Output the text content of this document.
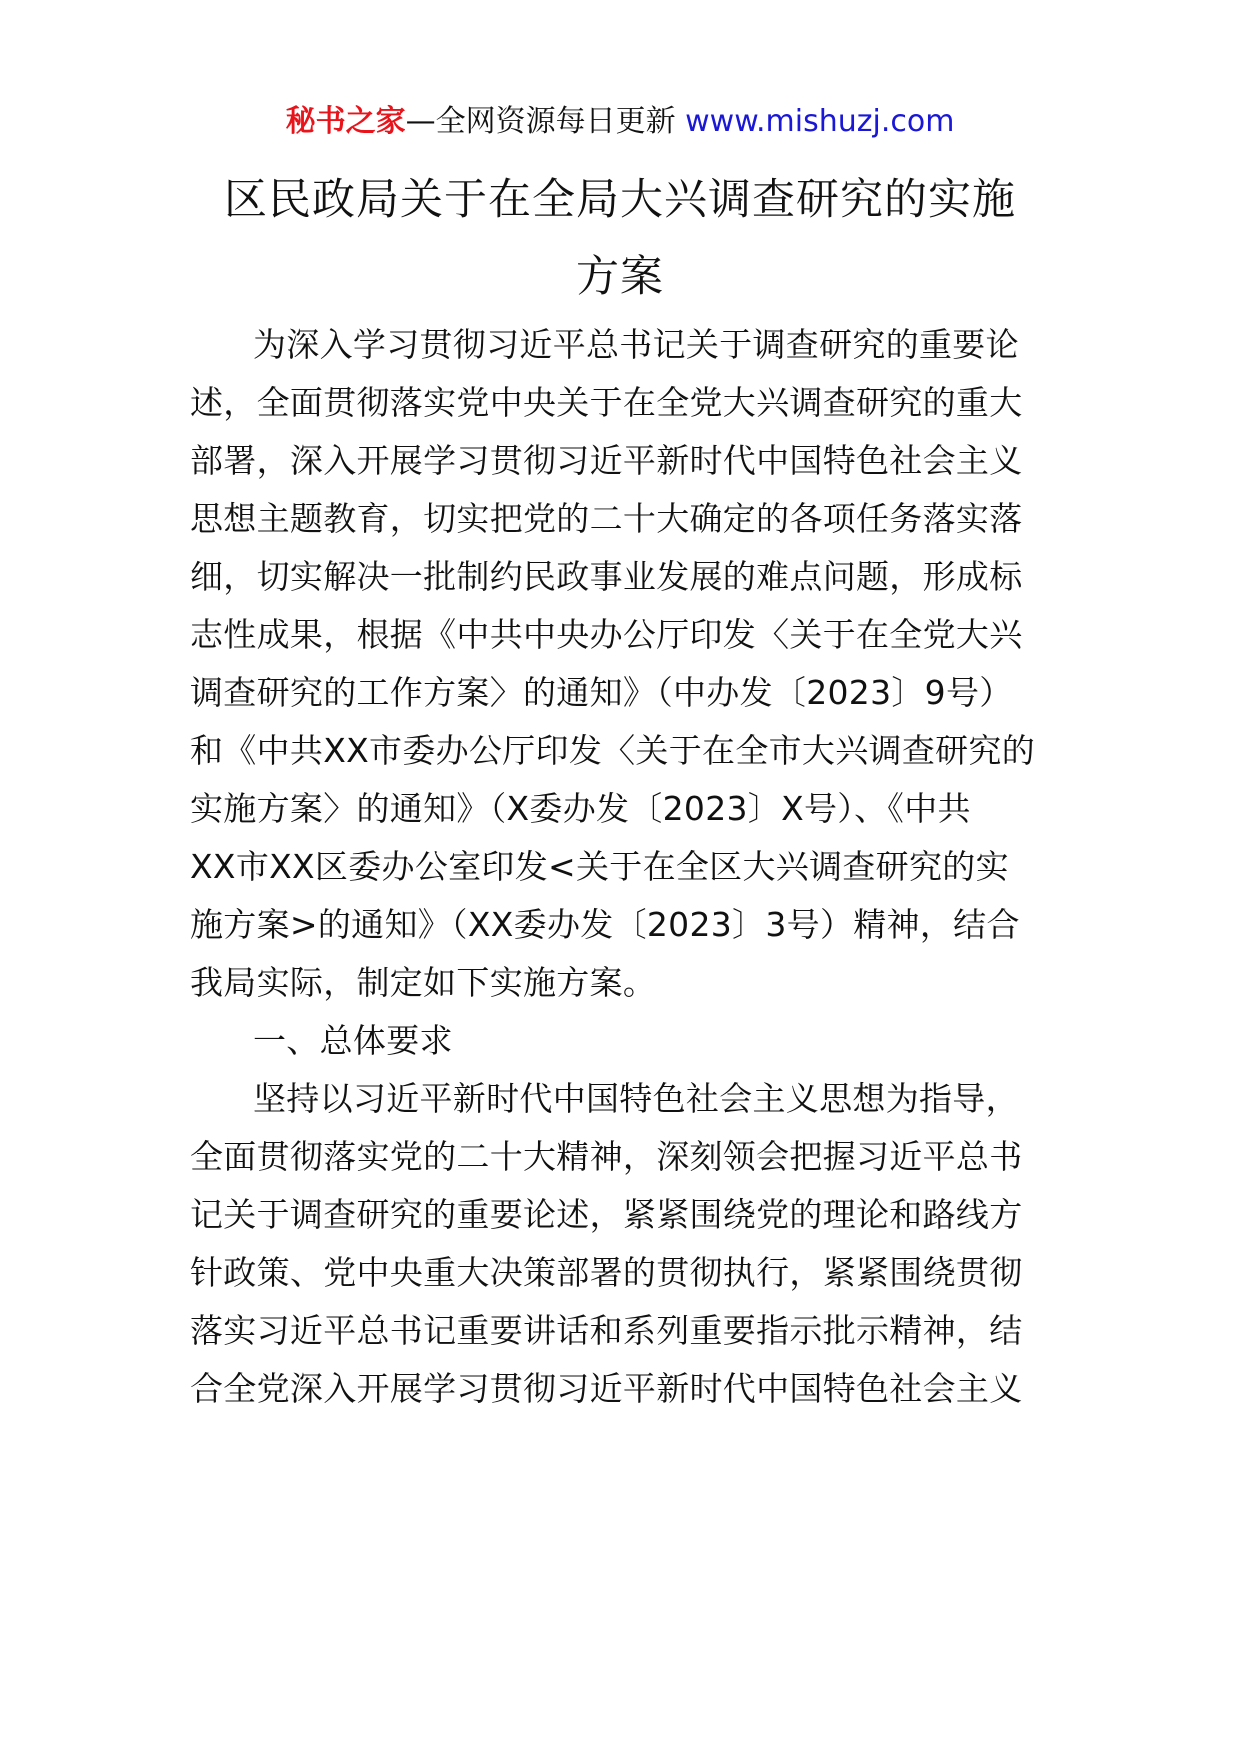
秘书之家—全网资源每日更新 www.mishuzj.com
区民政局关于在全局大兴调查研究的实施
方案
为深入学习贯彻习近平总书记关于调查研究的重要论
述，全面贯彻落实党中央关于在全党大兴调查研究的重大
部署，深入开展学习贯彻习近平新时代中国特色社会主义
思想主题教育，切实把党的二十大确定的各项任务落实落
细，切实解决一批制约民政事业发展的难点问题，形成标
志性成果，根据《中共中央办公厅印发〈关于在全党大兴
调查研究的工作方案〉的通知》（中办发〔2023〕9号）
和《中共XX市委办公厅印发〈关于在全市大兴调查研究的
实施方案〉的通知》（X委办发〔2023〕X号）、《中共
XX市XX区委办公室印发<关于在全区大兴调查研究的实
施方案>的通知》（XX委办发〔2023〕3号）精神，结合
我局实际，制定如下实施方案。
一、总体要求
坚持以习近平新时代中国特色社会主义思想为指导，
全面贯彻落实党的二十大精神，深刻领会把握习近平总书
记关于调查研究的重要论述，紧紧围绕党的理论和路线方
针政策、党中央重大决策部署的贯彻执行，紧紧围绕贯彻
落实习近平总书记重要讲话和系列重要指示批示精神，结
合全党深入开展学习贯彻习近平新时代中国特色社会主义
